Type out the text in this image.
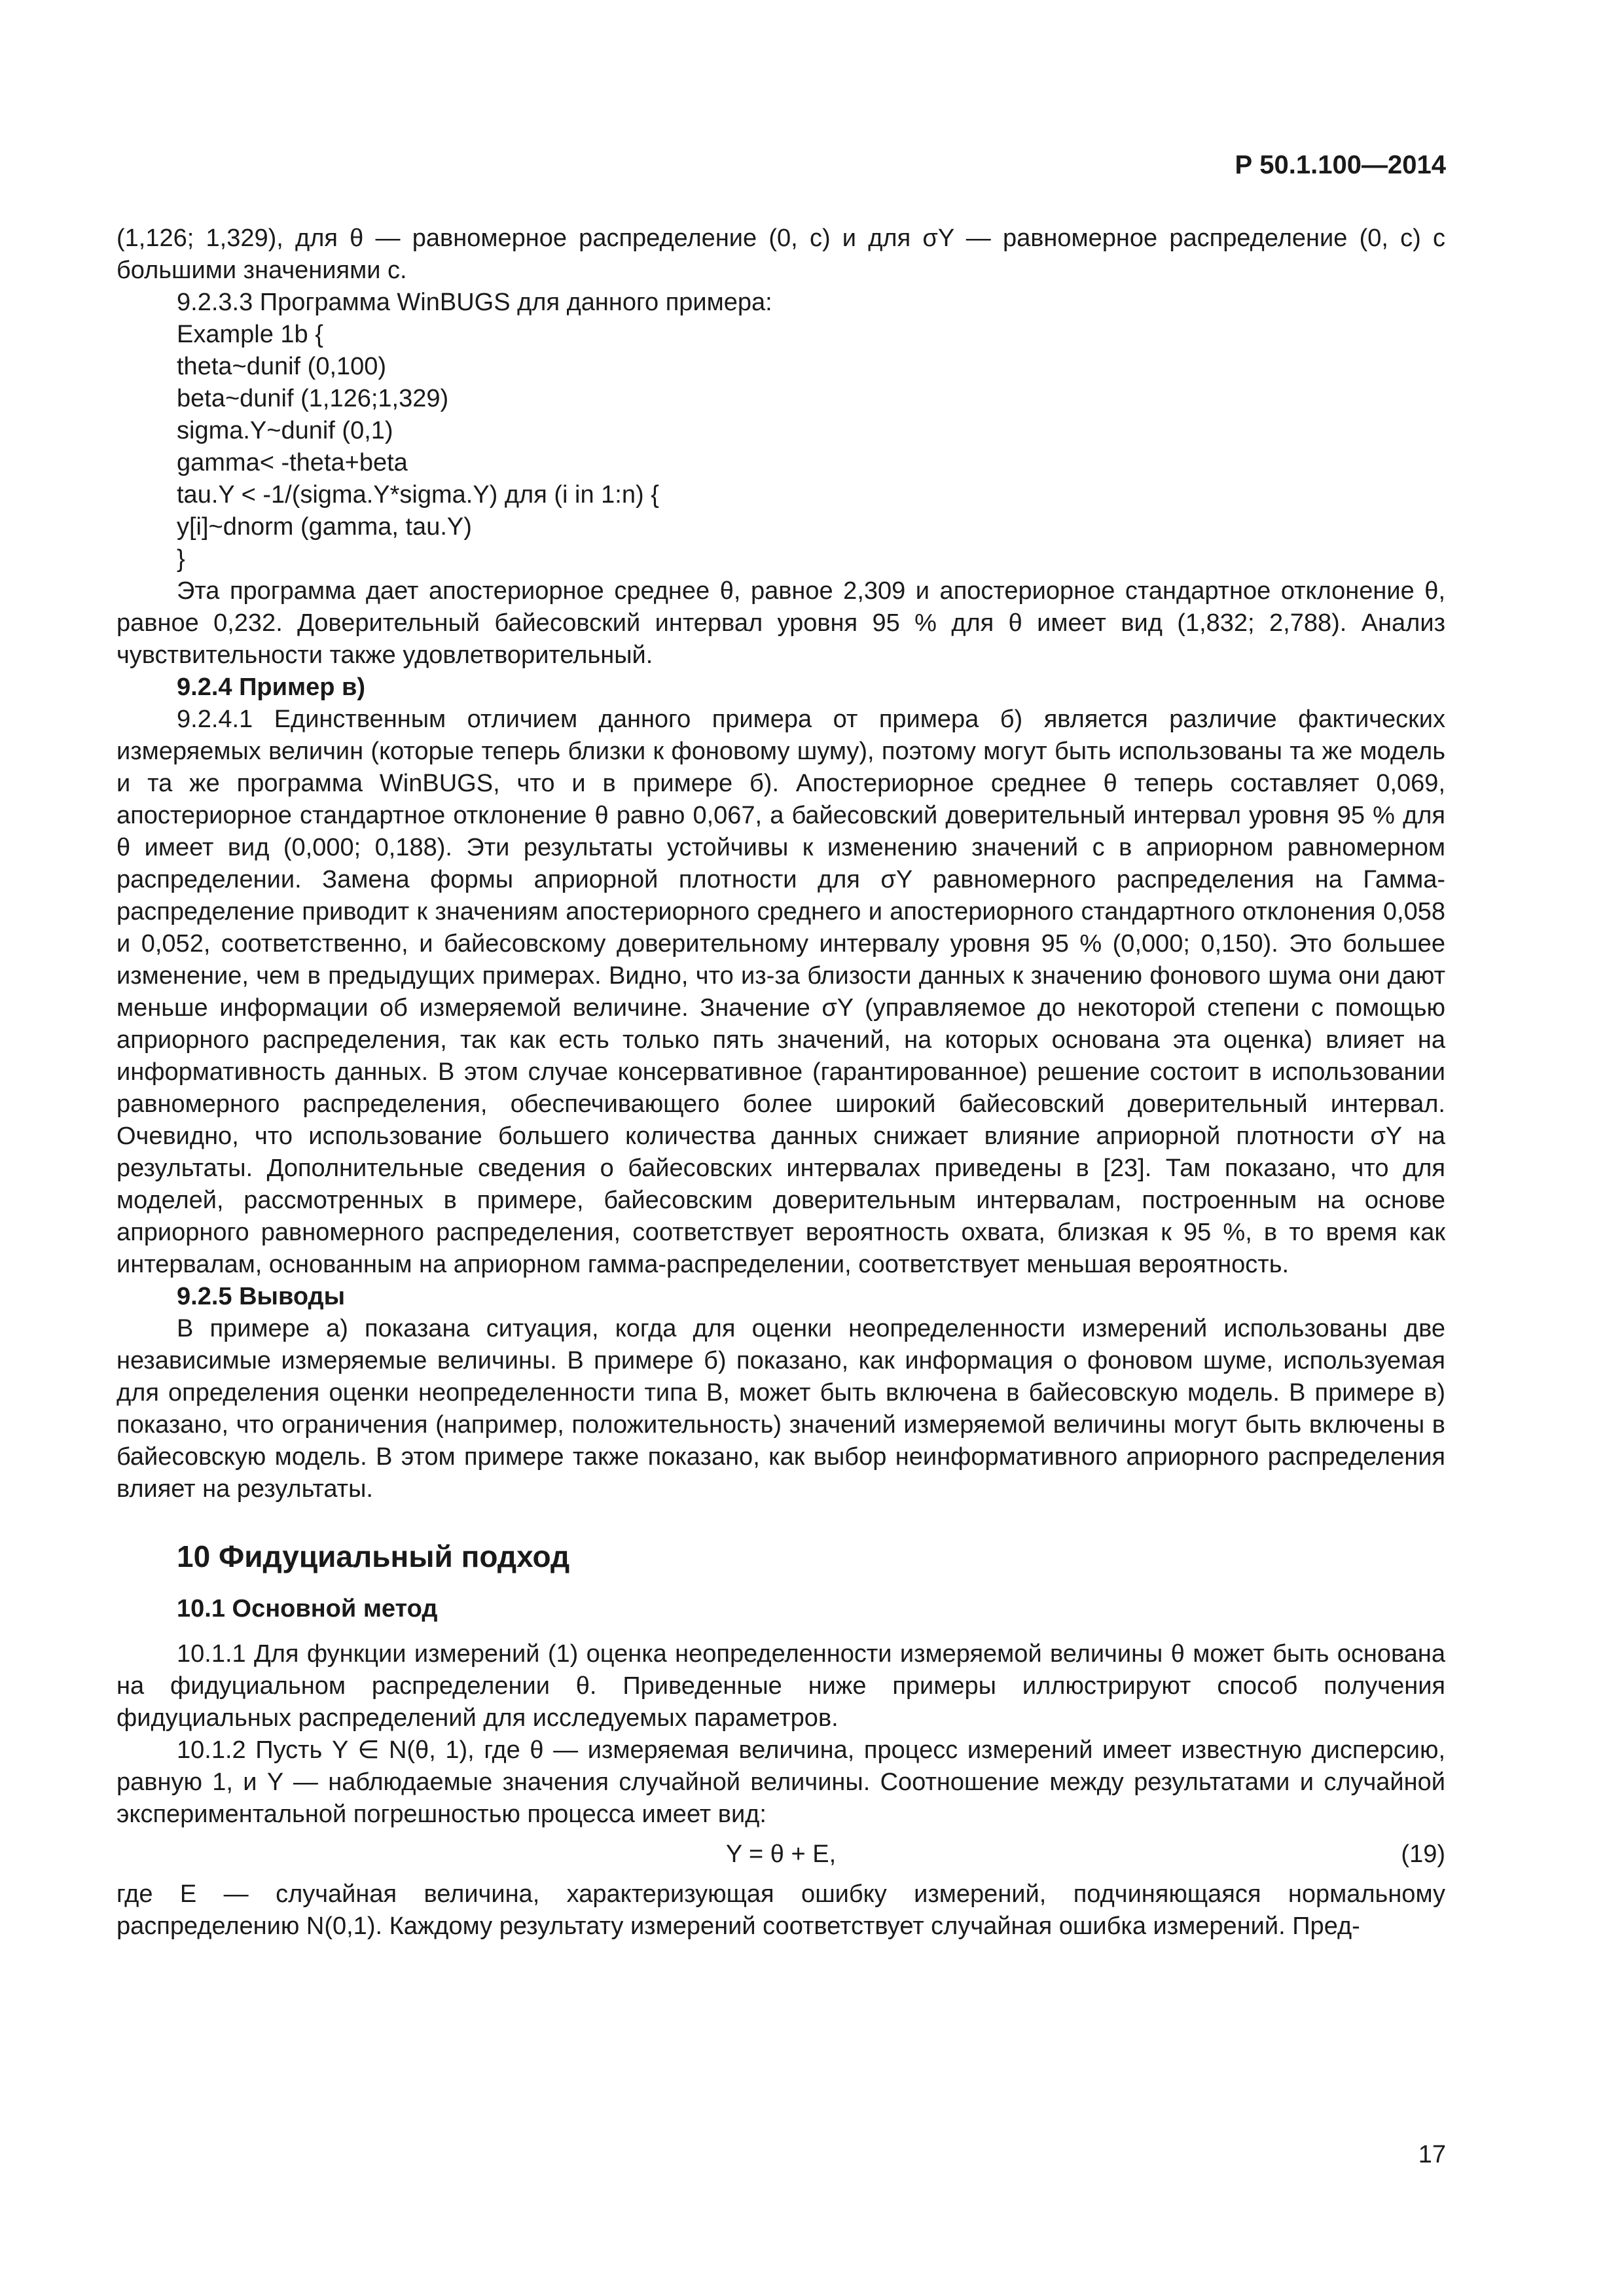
Р 50.1.100—2014

(1,126; 1,329), для θ — равномерное распределение (0, c) и для σY — равномерное распределение (0, c) с большими значениями c.

9.2.3.3 Программа WinBUGS для данного примера:

Example 1b {
theta~dunif (0,100)
beta~dunif (1,126;1,329)
sigma.Y~dunif (0,1)
gamma< -theta+beta
tau.Y < -1/(sigma.Y*sigma.Y) для (i in 1:n) {
y[i]~dnorm (gamma, tau.Y)
}

Эта программа дает апостериорное среднее θ, равное 2,309 и апостериорное стандартное отклонение θ, равное 0,232. Доверительный байесовский интервал уровня 95 % для θ имеет вид (1,832; 2,788). Анализ чувствительности также удовлетворительный.

9.2.4 Пример в)

9.2.4.1 Единственным отличием данного примера от примера б) является различие фактических измеряемых величин (которые теперь близки к фоновому шуму), поэтому могут быть использованы та же модель и та же программа WinBUGS, что и в примере б). Апостериорное среднее θ теперь составляет 0,069, апостериорное стандартное отклонение θ равно 0,067, а байесовский доверительный интервал уровня 95 % для θ имеет вид (0,000; 0,188). Эти результаты устойчивы к изменению значений c в априорном равномерном распределении. Замена формы априорной плотности для σY равномерного распределения на Гамма-распределение приводит к значениям апостериорного среднего и апостериорного стандартного отклонения 0,058 и 0,052, соответственно, и байесовскому доверительному интервалу уровня 95 % (0,000; 0,150). Это большее изменение, чем в предыдущих примерах. Видно, что из-за близости данных к значению фонового шума они дают меньше информации об измеряемой величине. Значение σY (управляемое до некоторой степени с помощью априорного распределения, так как есть только пять значений, на которых основана эта оценка) влияет на информативность данных. В этом случае консервативное (гарантированное) решение состоит в использовании равномерного распределения, обеспечивающего более широкий байесовский доверительный интервал. Очевидно, что использование большего количества данных снижает влияние априорной плотности σY на результаты. Дополнительные сведения о байесовских интервалах приведены в [23]. Там показано, что для моделей, рассмотренных в примере, байесовским доверительным интервалам, построенным на основе априорного равномерного распределения, соответствует вероятность охвата, близкая к 95 %, в то время как интервалам, основанным на априорном гамма-распределении, соответствует меньшая вероятность.

9.2.5 Выводы

В примере а) показана ситуация, когда для оценки неопределенности измерений использованы две независимые измеряемые величины. В примере б) показано, как информация о фоновом шуме, используемая для определения оценки неопределенности типа В, может быть включена в байесовскую модель. В примере в) показано, что ограничения (например, положительность) значений измеряемой величины могут быть включены в байесовскую модель. В этом примере также показано, как выбор неинформативного априорного распределения влияет на результаты.

10 Фидуциальный подход
10.1 Основной метод

10.1.1 Для функции измерений (1) оценка неопределенности измеряемой величины θ может быть основана на фидуциальном распределении θ. Приведенные ниже примеры иллюстрируют способ получения фидуциальных распределений для исследуемых параметров.

10.1.2 Пусть Y ∈ N(θ, 1), где θ — измеряемая величина, процесс измерений имеет известную дисперсию, равную 1, и Y — наблюдаемые значения случайной величины. Соотношение между результатами и случайной экспериментальной погрешностью процесса имеет вид:

Y = θ + E,	(19)

где E — случайная величина, характеризующая ошибку измерений, подчиняющаяся нормальному распределению N(0,1). Каждому результату измерений соответствует случайная ошибка измерений. Пред-

17
